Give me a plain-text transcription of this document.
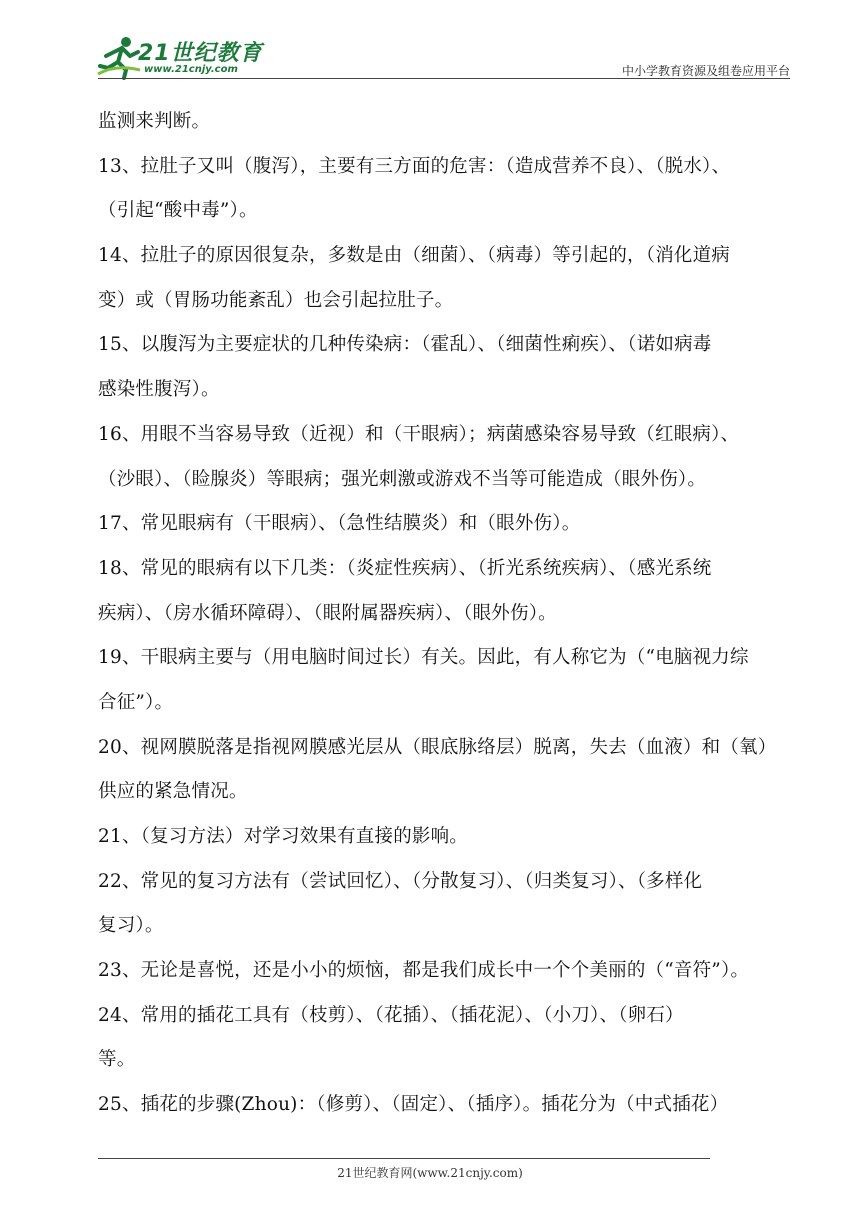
21世纪教育
www.21cnjy.com	中小学教育资源及组卷应用平台
监测来判断。
13、拉肚子又叫（腹泻），主要有三方面的危害：（造成营养不良）、（脱水）、
（引起“酸中毒”）。
14、拉肚子的原因很复杂，多数是由（细菌）、（病毒）等引起的，（消化道病
变）或（胃肠功能紊乱）也会引起拉肚子。
15、以腹泻为主要症状的几种传染病：（霍乱）、（细菌性痢疾）、（诺如病毒
感染性腹泻）。
16、用眼不当容易导致（近视）和（干眼病）；病菌感染容易导致（红眼病）、
（沙眼）、（睑腺炎）等眼病；强光刺激或游戏不当等可能造成（眼外伤）。
17、常见眼病有（干眼病）、（急性结膜炎）和（眼外伤）。
18、常见的眼病有以下几类：（炎症性疾病）、（折光系统疾病）、（感光系统
疾病）、（房水循环障碍）、（眼附属器疾病）、（眼外伤）。
19、干眼病主要与（用电脑时间过长）有关。因此，有人称它为（“电脑视力综
合征”）。
20、视网膜脱落是指视网膜感光层从（眼底脉络层）脱离，失去（血液）和（氧）
供应的紧急情况。
21、（复习方法）对学习效果有直接的影响。
22、常见的复习方法有（尝试回忆）、（分散复习）、（归类复习）、（多样化
复习）。
23、无论是喜悦，还是小小的烦恼，都是我们成长中一个个美丽的（“音符”）。
24、常用的插花工具有（枝剪）、（花插）、（插花泥）、（小刀）、（卵石）
等。
25、插花的步骤(Zhou)：（修剪）、（固定）、（插序）。插花分为（中式插花）
21世纪教育网(www.21cnjy.com)
